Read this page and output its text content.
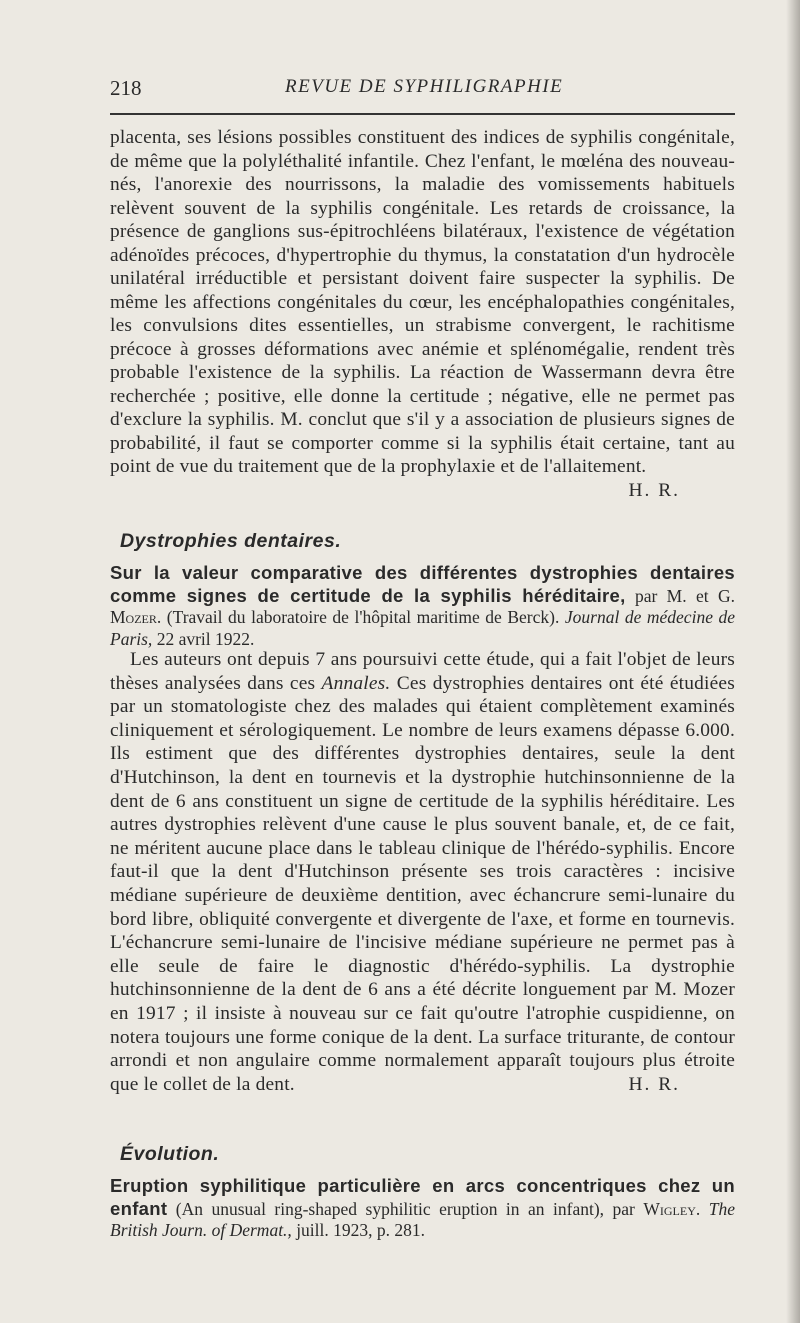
218	REVUE DE SYPHILIGRAPHIE

placenta, ses lésions possibles constituent des indices de syphilis congénitale, de même que la polyléthalité infantile. Chez l'enfant, le mœléna des nouveau-nés, l'anorexie des nourrissons, la maladie des vomissements habituels relèvent souvent de la syphilis congénitale. Les retards de croissance, la présence de ganglions sus-épitrochléens bilatéraux, l'existence de végétation adénoïdes précoces, d'hypertrophie du thymus, la constatation d'un hydrocèle unilatéral irréductible et persistant doivent faire suspecter la syphilis. De même les affections congénitales du cœur, les encéphalopathies congénitales, les convulsions dites essentielles, un strabisme convergent, le rachitisme précoce à grosses déformations avec anémie et splénomégalie, rendent très probable l'existence de la syphilis. La réaction de Wassermann devra être recherchée ; positive, elle donne la certitude ; négative, elle ne permet pas d'exclure la syphilis. M. conclut que s'il y a association de plusieurs signes de probabilité, il faut se comporter comme si la syphilis était certaine, tant au point de vue du traitement que de la prophylaxie et de l'allaitement.
H. R.

Dystrophies dentaires.

Sur la valeur comparative des différentes dystrophies dentaires comme signes de certitude de la syphilis héréditaire, par M. et G. Mozer. (Travail du laboratoire de l'hôpital maritime de Berck). Journal de médecine de Paris, 22 avril 1922.

Les auteurs ont depuis 7 ans poursuivi cette étude, qui a fait l'objet de leurs thèses analysées dans ces Annales. Ces dystrophies dentaires ont été étudiées par un stomatologiste chez des malades qui étaient complètement examinés cliniquement et sérologiquement. Le nombre de leurs examens dépasse 6.000. Ils estiment que des différentes dystrophies dentaires, seule la dent d'Hutchinson, la dent en tournevis et la dystrophie hutchinsonnienne de la dent de 6 ans constituent un signe de certitude de la syphilis héréditaire. Les autres dystrophies relèvent d'une cause le plus souvent banale, et, de ce fait, ne méritent aucune place dans le tableau clinique de l'hérédo-syphilis. Encore faut-il que la dent d'Hutchinson présente ses trois caractères : incisive médiane supérieure de deuxième dentition, avec échancrure semi-lunaire du bord libre, obliquité convergente et divergente de l'axe, et forme en tournevis. L'échancrure semi-lunaire de l'incisive médiane supérieure ne permet pas à elle seule de faire le diagnostic d'hérédo-syphilis. La dystrophie hutchinsonnienne de la dent de 6 ans a été décrite longuement par M. Mozer en 1917 ; il insiste à nouveau sur ce fait qu'outre l'atrophie cuspidienne, on notera toujours une forme conique de la dent. La surface triturante, de contour arrondi et non angulaire comme normalement apparaît toujours plus étroite que le collet de la dent.	H. R.

Évolution.

Eruption syphilitique particulière en arcs concentriques chez un enfant (An unusual ring-shaped syphilitic eruption in an infant), par Wigley. The British Journ. of Dermat., juill. 1923, p. 281.
